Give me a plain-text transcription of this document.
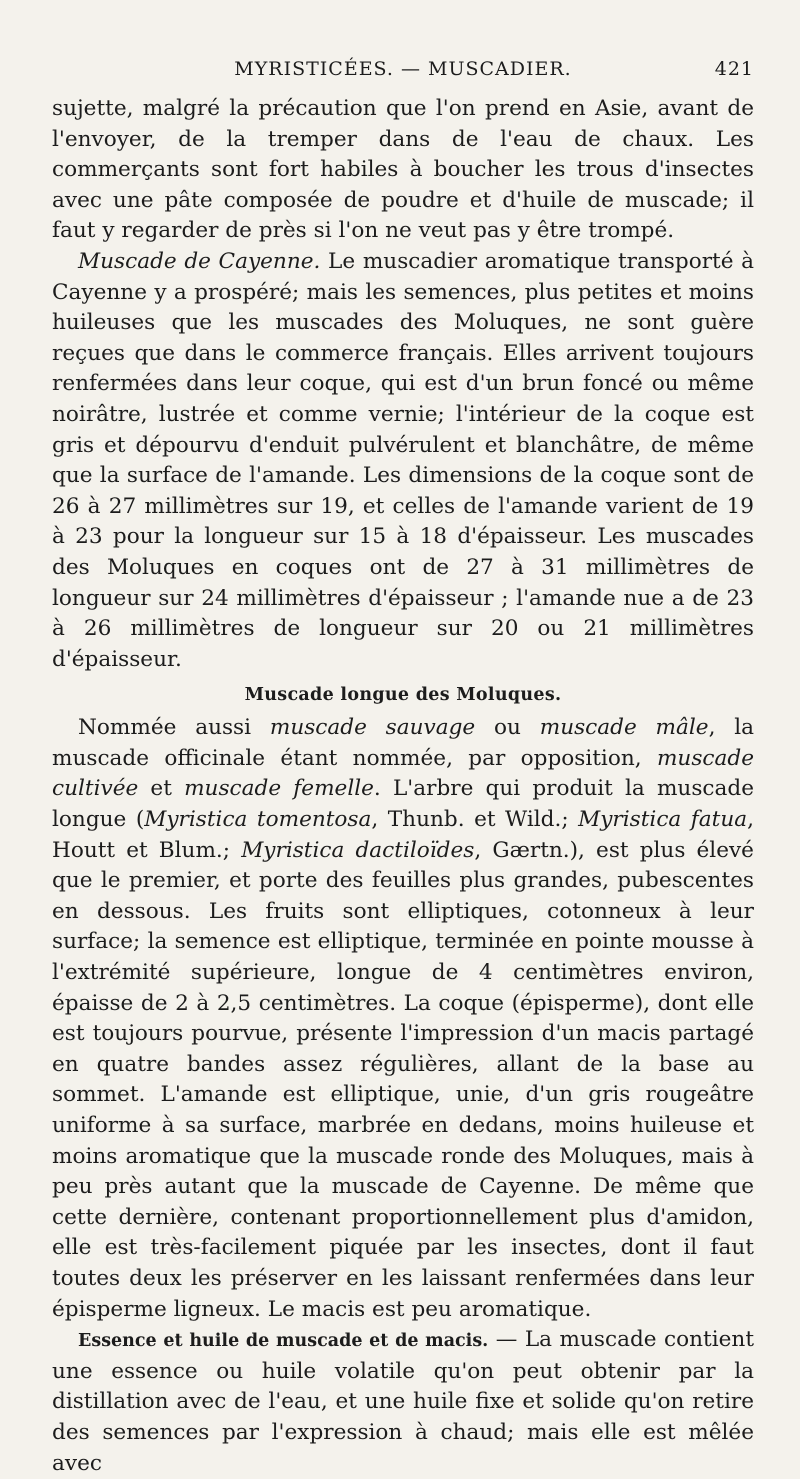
MYRISTICÉES. — MUSCADIER.	421

sujette, malgré la précaution que l'on prend en Asie, avant de l'envoyer, de la tremper dans de l'eau de chaux. Les commerçants sont fort habiles à boucher les trous d'insectes avec une pâte composée de poudre et d'huile de muscade; il faut y regarder de près si l'on ne veut pas y être trompé.

Muscade de Cayenne. Le muscadier aromatique transporté à Cayenne y a prospéré; mais les semences, plus petites et moins huileuses que les muscades des Moluques, ne sont guère reçues que dans le commerce français. Elles arrivent toujours renfermées dans leur coque, qui est d'un brun foncé ou même noirâtre, lustrée et comme vernie; l'intérieur de la coque est gris et dépourvu d'enduit pulvérulent et blanchâtre, de même que la surface de l'amande. Les dimensions de la coque sont de 26 à 27 millimètres sur 19, et celles de l'amande varient de 19 à 23 pour la longueur sur 15 à 18 d'épaisseur. Les muscades des Moluques en coques ont de 27 à 31 millimètres de longueur sur 24 millimètres d'épaisseur ; l'amande nue a de 23 à 26 millimètres de longueur sur 20 ou 21 millimètres d'épaisseur.

Muscade longue des Moluques.

Nommée aussi muscade sauvage ou muscade mâle, la muscade officinale étant nommée, par opposition, muscade cultivée et muscade femelle. L'arbre qui produit la muscade longue (Myristica tomentosa, Thunb. et Wild.; Myristica fatua, Houtt et Blum.; Myristica dactiloïdes, Gærtn.), est plus élevé que le premier, et porte des feuilles plus grandes, pubescentes en dessous. Les fruits sont elliptiques, cotonneux à leur surface; la semence est elliptique, terminée en pointe mousse à l'extrémité supérieure, longue de 4 centimètres environ, épaisse de 2 à 2,5 centimètres. La coque (épisperme), dont elle est toujours pourvue, présente l'impression d'un macis partagé en quatre bandes assez régulières, allant de la base au sommet. L'amande est elliptique, unie, d'un gris rougeâtre uniforme à sa surface, marbrée en dedans, moins huileuse et moins aromatique que la muscade ronde des Moluques, mais à peu près autant que la muscade de Cayenne. De même que cette dernière, contenant proportionnellement plus d'amidon, elle est très-facilement piquée par les insectes, dont il faut toutes deux les préserver en les laissant renfermées dans leur épisperme ligneux. Le macis est peu aromatique.

Essence et huile de muscade et de macis. — La muscade contient une essence ou huile volatile qu'on peut obtenir par la distillation avec de l'eau, et une huile fixe et solide qu'on retire des semences par l'expression à chaud; mais elle est mêlée avec
